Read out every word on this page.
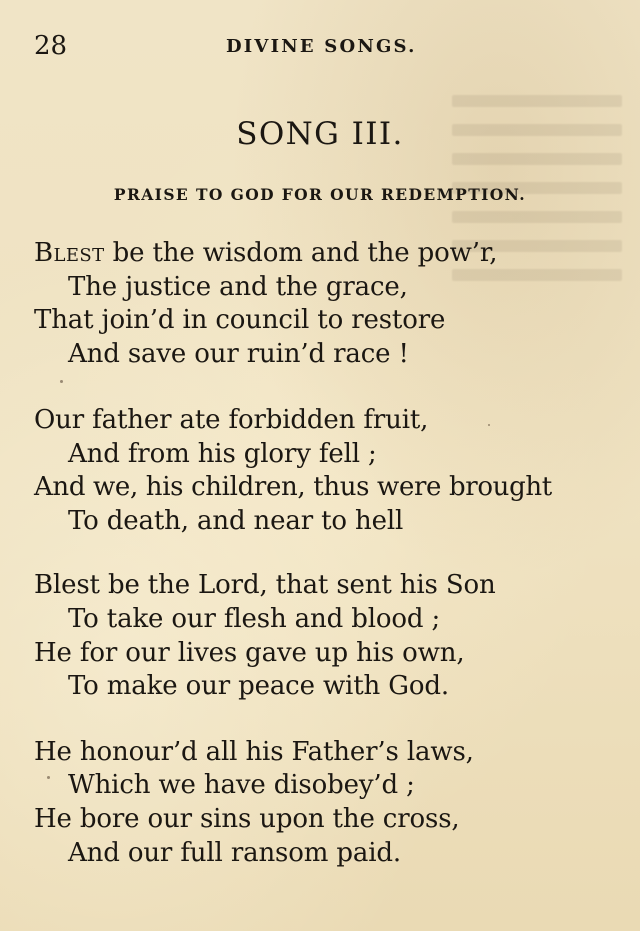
28	DIVINE SONGS.
SONG III.
PRAISE TO GOD FOR OUR REDEMPTION.
Blest be the wisdom and the pow’r,
The justice and the grace,
That join’d in council to restore
And save our ruin’d race !
Our father ate forbidden fruit,
And from his glory fell ;
And we, his children, thus were brought
To death, and near to hell
Blest be the Lord, that sent his Son
To take our flesh and blood ;
He for our lives gave up his own,
To make our peace with God.
He honour’d all his Father’s laws,
Which we have disobey’d ;
He bore our sins upon the cross,
And our full ransom paid.
